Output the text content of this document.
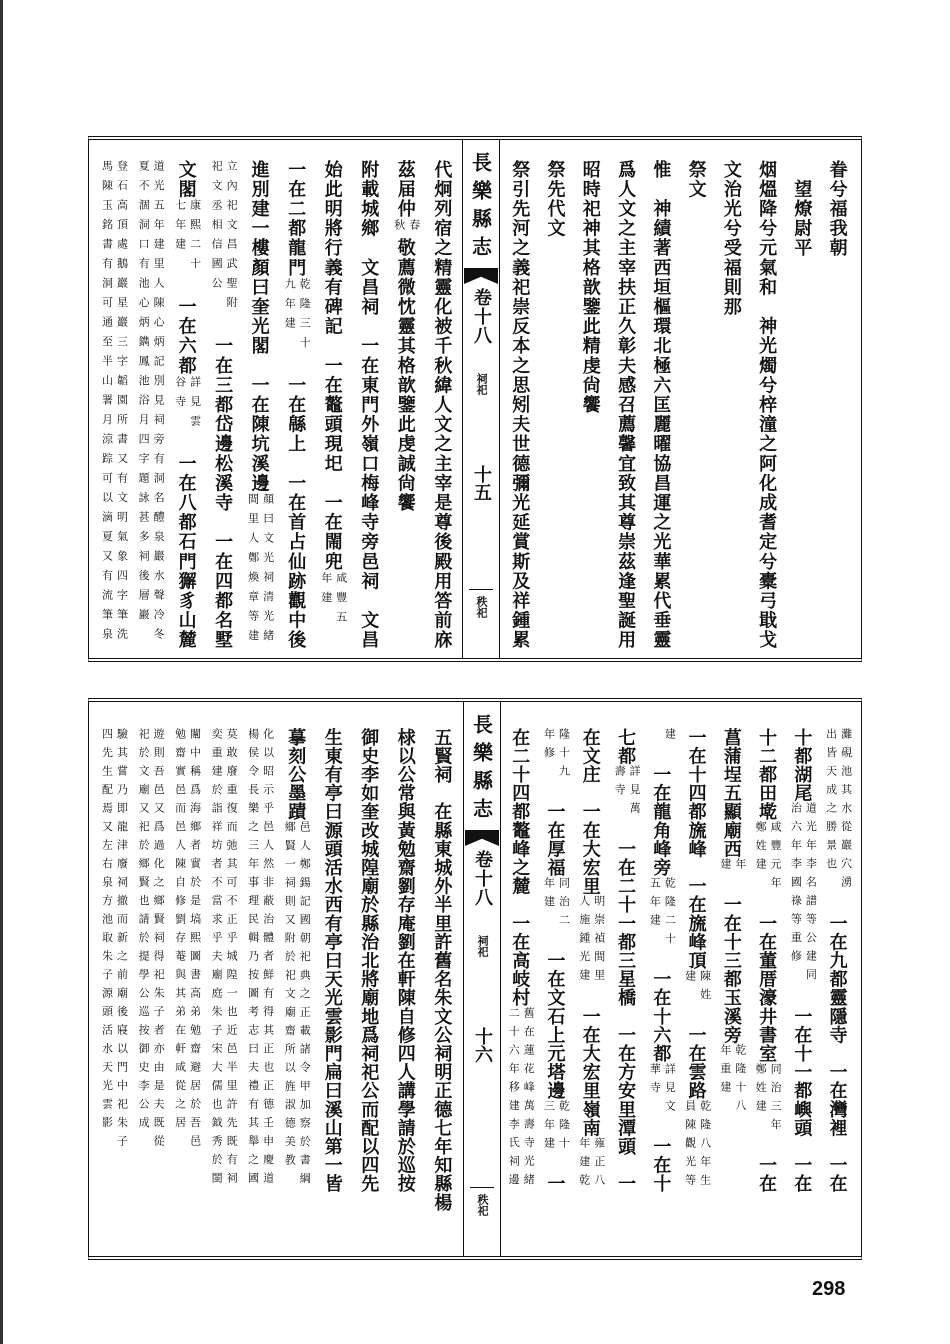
眷兮福我朝
　望燎尉平
烟熅降兮元氣和　神光燭兮梓潼之阿化成耆定兮橐弓戢戈
文治光兮受福則那
祭文
惟　神績著西垣樞環北極六匡麗曜協昌運之光華累代垂靈
爲人文之主宰扶正久彰夫感召薦馨宜致其尊崇茲逢聖誕用
昭時祀神其格歆鑒此精虔尙饗
祭先代文
祭引先河之義祀崇反本之思矧夫世德彌光延賞斯及祥鍾累
長樂縣志
卷十八
祠祀
十五
秩祀
代炯列宿之精靈化被千秋緯人文之主宰是尊後殿用答前庥
茲届仲春秋敬薦微忱靈其格歆鑒此虔誠尙饗
附載城鄉　文昌祠　一在東門外嶺口梅峰寺旁邑祠　文昌
始此明將行義有碑記　一在鼇頭現圯　一在閙兜咸豐五年建
一在二都龍門乾隆三十九年建　一在緜上　一在首占仙跡觀中後
進別建一樓顏曰奎光閣　一在陳坑溪邊顏曰文光祠清光緒間里人鄭煥章等建
立內祀文昌武聖附祀文丞相信國公　一在三都岱邊松溪寺　一在四都名墅
文閣康熙二十七年建　一在六都詳見雲谷寺　一在八都石門獬豸山麓
道光五年建里人陳心炳記別見祠旁有洞名醴泉巖水聲冷冬夏不涸洞口有池心炳鐫鳳池浴月四字題詠甚多祠後層巖
登石高頂處鵝巖星巖三字韜園所書又有文明氣象四字筆洗馬陳玉銘書有洞可通至半山署月涼踪可以滴夏又有流筆泉
灘硯池其水從巖穴湧出皆天成之勝景也　一在九都靈隱寺　一在灣裡　一在
十都湖尾道光年李名譜等公建同治六年李國祿等重修　一在十一都嶼頭　一在
十二都田墘咸豐元年鄭姓建　一在董厝濠井書室同治三年鄭姓建　一在
菖蒲埕五顯廟西年建　一在十三都玉溪旁乾隆十八年重建
一在十四都旒峰　一在旒峰頂陳姓建　一在雲路乾隆八年生員陳觀光等
建　一在龍角峰旁乾隆二十五年建　一在十六都詳見文華寺　一在十
七都詳見萬壽寺　一在二十一都三星橋　一在方安里潭頭　一
在文庄　一在大宏里明崇禎間里人施鍾光建　一在大宏里嶺南雍正八年建乾
隆十九年修　一在厚福同治二年建　一在文石上元塔邊乾隆十三年建　一
在二十四都鼇峰之麓　一在高岐村舊在蓮花峰萬壽寺光緒二十六年移建李氏祠邊
長樂縣志
卷十八
祠祀
十六
秩祀
五賢祠　在縣東城外半里許舊名朱文公祠明正德七年知縣楊
梂以公常與黃勉齋劉存庵劉在軒陳自修四人講學請於巡按
御史李如奎改城隍廟於縣治北將廟地爲祠祀公而配以四先
生東有亭曰源頭活水西有亭曰天光雲影門扁曰溪山第一皆
摹刻公墨蹟邑人鄭鍚記國朝祀典之正載諸令甲加察於書綱鄉賢一祠則又附於祀文廟齋所以旌淑德美教
化以昭示乎邑人然非蔽治體者鮮有得其正也正德壬申慶道楊侯令長樂之三年事理民輯乃按圖考志曰夫禮有其舉之國
莫敢廢重復而弛其可不正乎城隍一也近邑半里許先既有祠奕重建於詣祥坊者不當求乎夫廟庭朱子宋大儒也鉞秀於閩
闈中稱爲海鄉者實於是塙熙圖書高弟勉齋避居於吾邑勉齋實邑而邑人陳自修劉存菴與其弟在軒咸從之居
遊則吾邑又爲過化之鄉賢祠得祀朱子者亦由是夫既從祀於文廟又祀於鄉賢也請於提學公巡按御史李公成
驗其嘗乃即龍津廢祠撤而新之前廟後寢以門中祀朱子四先生配焉又左右泉方池取朱子源頭活水天光雲影
298
